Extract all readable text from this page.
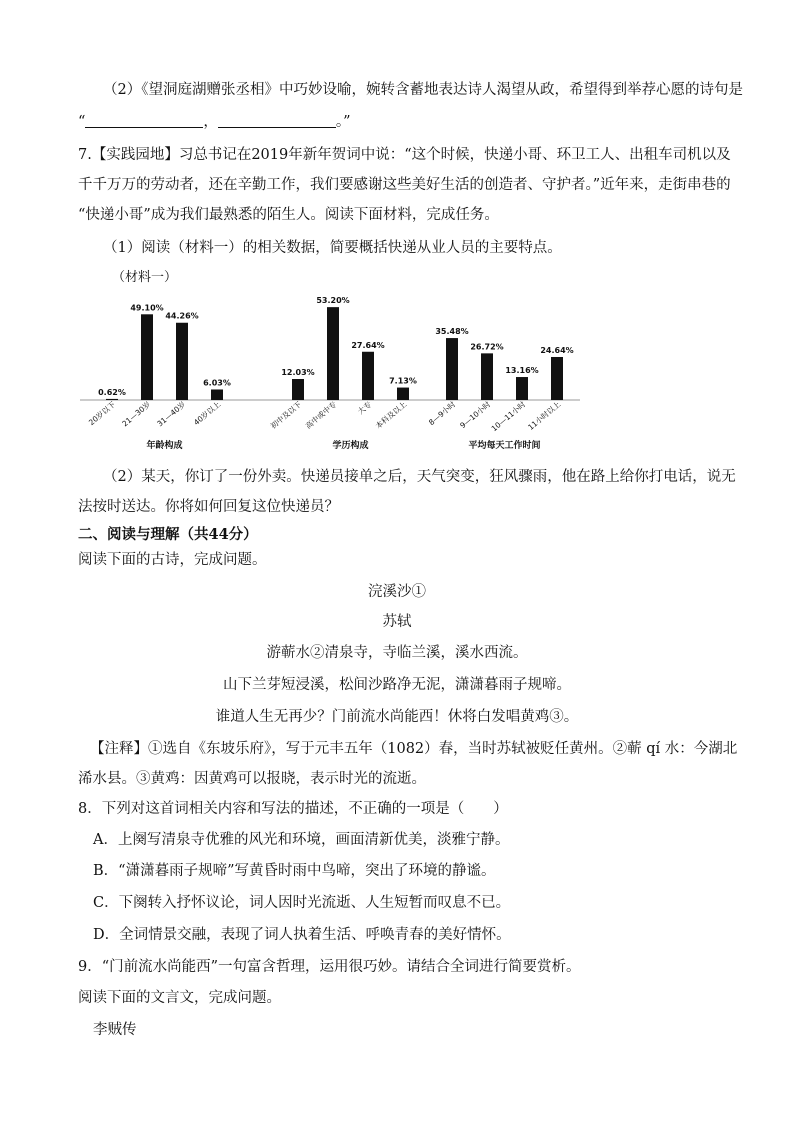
（2）《望洞庭湖赠张丞相》中巧妙设喻，婉转含蓄地表达诗人渴望从政，希望得到举荐心愿的诗句是
“	，	。”
7.【实践园地】习总书记在2019年新年贺词中说：“这个时候，快递小哥、环卫工人、出租车司机以及
千千万万的劳动者，还在辛勤工作，我们要感谢这些美好生活的创造者、守护者。”近年来，走街串巷的
“快递小哥”成为我们最熟悉的陌生人。阅读下面材料，完成任务。
（1）阅读（材料一）的相关数据，简要概括快递从业人员的主要特点。
（材料一）
0.62%
20岁以下
49.10%
21—30岁
44.26%
31—40岁
6.03%
40岁以上
年龄构成
12.03%
初中及以下
53.20%
高中或中专
27.64%
大专
7.13%
本科及以上
学历构成
35.48%
8—9小时
26.72%
9—10小时
13.16%
10—11小时
24.64%
11小时以上
平均每天工作时间
（2）某天，你订了一份外卖。快递员接单之后，天气突变，狂风骤雨，他在路上给你打电话，说无
法按时送达。你将如何回复这位快递员？
二、阅读与理解（共44分）
阅读下面的古诗，完成问题。
浣溪沙①
苏轼
游蕲水②清泉寺，寺临兰溪，溪水西流。
山下兰芽短浸溪，松间沙路净无泥，潇潇暮雨子规啼。
谁道人生无再少？门前流水尚能西！休将白发唱黄鸡③。
【注释】①选自《东坡乐府》，写于元丰五年（1082）春，当时苏轼被贬任黄州。②蕲 qí 水：今湖北
浠水县。③黄鸡：因黄鸡可以报晓，表示时光的流逝。
8．下列对这首词相关内容和写法的描述，不正确的一项是（　　）
A．上阕写清泉寺优雅的风光和环境，画面清新优美，淡雅宁静。
B．“潇潇暮雨子规啼”写黄昏时雨中鸟啼，突出了环境的静谧。
C．下阕转入抒怀议论，词人因时光流逝、人生短暂而叹息不已。
D．全词情景交融，表现了词人执着生活、呼唤青春的美好情怀。
9．“门前流水尚能西”一句富含哲理，运用很巧妙。请结合全词进行简要赏析。
阅读下面的文言文，完成问题。
李贼传
